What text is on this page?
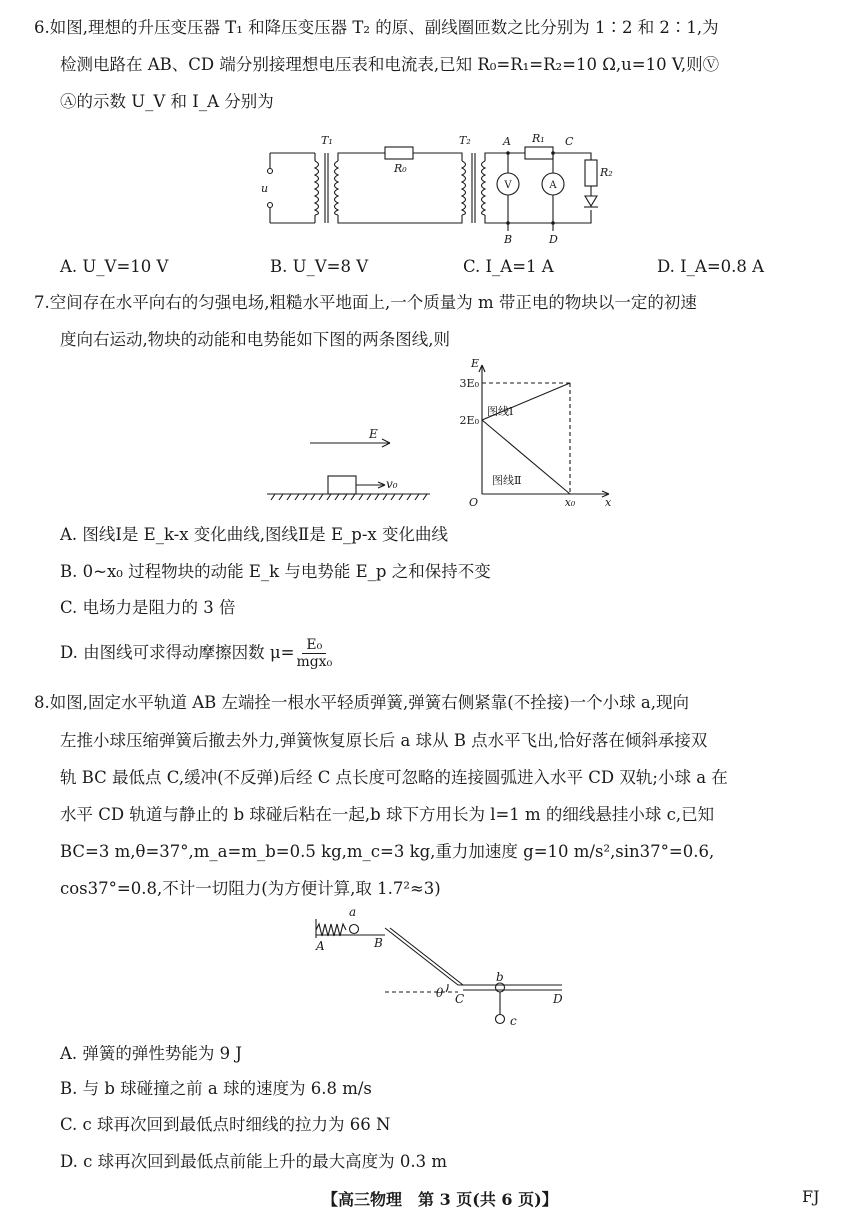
6.如图,理想的升压变压器 T₁ 和降压变压器 T₂ 的原、副线圈匝数之比分别为 1∶2 和 2∶1,为
检测电路在 AB、CD 端分别接理想电压表和电流表,已知 R₀=R₁=R₂=10 Ω,u=10 V,则Ⓥ
Ⓐ的示数 U_V 和 I_A 分别为
T₁	T₂
R₀
R₁
R₂
u
A	C
B	D
V	A
A. U_V=10 V	B. U_V=8 V	C. I_A=1 A	D. I_A=0.8 A
7.空间存在水平向右的匀强电场,粗糙水平地面上,一个质量为 m 带正电的物块以一定的初速
度向右运动,物块的动能和电势能如下图的两条图线,则
E
v₀
E
x
O
3E₀
2E₀
x₀
图线Ⅰ
图线Ⅱ
A. 图线Ⅰ是 E_k-x 变化曲线,图线Ⅱ是 E_p-x 变化曲线
B. 0~x₀ 过程物块的动能 E_k 与电势能 E_p 之和保持不变
C. 电场力是阻力的 3 倍
D. 由图线可求得动摩擦因数 $\mu= \frac{\text{E₀}}{\text{mgx₀}}$
8.如图,固定水平轨道 AB 左端拴一根水平轻质弹簧,弹簧右侧紧靠(不拴接)一个小球 a,现向
左推小球压缩弹簧后撤去外力,弹簧恢复原长后 a 球从 B 点水平飞出,恰好落在倾斜承接双
轨 BC 最低点 C,缓冲(不反弹)后经 C 点长度可忽略的连接圆弧进入水平 CD 双轨;小球 a 在
水平 CD 轨道与静止的 b 球碰后粘在一起,b 球下方用长为 l=1 m 的细线悬挂小球 c,已知
BC=3 m,θ=37°,m_a=m_b=0.5 kg,m_c=3 kg,重力加速度 g=10 m/s²,sin37°=0.6,
cos37°=0.8,不计一切阻力(为方便计算,取 1.7²≈3)
a
A	B
θ C
b
D
c
A. 弹簧的弹性势能为 9 J
B. 与 b 球碰撞之前 a 球的速度为 6.8 m/s
C. c 球再次回到最低点时细线的拉力为 66 N
D. c 球再次回到最低点前能上升的最大高度为 0.3 m
【高三物理　第 3 页(共 6 页)】	FJ
